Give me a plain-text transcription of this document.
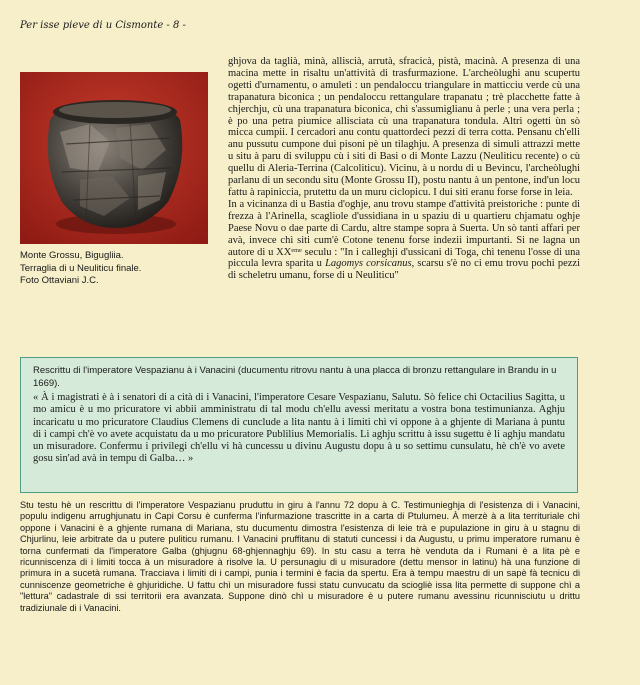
Per isse pieve di u Cismonte - 8 -
Monte Grossu, Bigugliia.
Terraglia di u Neuliticu finale.
Foto Ottaviani J.C.

ghjova da taglià, minà, alliscià, arrutà, sfracicà, pistà, macinà. A presenza di una macina mette in risaltu un'attività di trasfurmazione. L'archeòlughi anu scupertu ogetti d'urnamentu, o amuleti : un pendaloccu triangulare in matticciu verde cù una trapanatura biconica ; un pendaloccu rettangulare trapanatu ; trè placchette fatte à chjerchju, cù una trapanatura biconica, chì s'assumiglianu à perle ; una vera perla ; è po una petra piumice allisciata cù una trapanatura tondula. Altri ogetti ùn sò micca cumpii. I cercadori anu contu quattordeci pezzi di terra cotta. Pensanu ch'elli anu pussutu cumpone dui pisoni pè un tilaghju. A presenza di simuli attrazzi mette u situ à paru di sviluppu cù i siti di Basi o di Monte Lazzu (Neuliticu recente) o cù quellu di Aleria-Terrina (Calcoliticu). Vicinu, à u nordu di u Bevincu, l'archeòlughi parlanu di un secondu situ (Monte Grossu II), postu nantu à un pentone, ind'un locu fattu à rapiniccia, prutettu da un muru ciclopicu. I dui siti eranu forse forse in leia.

In a vicinanza di u Bastia d'oghje, anu trovu stampe d'attività preistoriche : punte di frezza à l'Arinella, scagliole d'ussidiana in u spaziu di u quartieru chjamatu oghje Paese Novu o dae parte di Cardu, altre stampe sopra à Suerta. Un sò tanti affari per avà, invece chì siti cum'è Cotone tenenu forse indezii impurtanti. Si ne lagna un autore di u XXᵉᵐᵉ seculu : "In i calleghji d'ussicani di Toga, chì tenenu l'osse di una piccula levra sparita u Lagomys corsicanus, scarsu s'è no ci emu trovu pochi pezzi di scheletru umanu, forse di u Neuliticu"

Rescrittu di l'imperatore Vespazianu à i Vanacini (ducumentu ritrovu nantu à una placca di bronzu rettangulare in Brandu in u 1669).
« À i magistrati è à i senatori di a cità di i Vanacini, l'imperatore Cesare Vespazianu, Salutu. Sò felice chì Octacilius Sagitta, u mo amicu è u mo pricuratore vi abbii amministratu di tal modu ch'ellu avessi meritatu a vostra bona testimunianza. Aghju incaricatu u mo pricuratore Claudius Clemens di cunclude a lita nantu à i limiti chì vi oppone à a ghjente di Mariana à puntu di i campi ch'è vo avete acquistatu da u mo pricuratore Publilius Memorialis. Li aghju scrittu à issu sugettu è li aghju mandatu un misuradore. Confermu i privilegi ch'ellu vi hà cuncessu u divinu Augustu dopu à u so settimu cunsulatu, hè ch'è vo avete gosu sin'ad avà in tempu di Galba… »

Stu testu hè un rescrittu di l'imperatore Vespazianu pruduttu in giru à l'annu 72 dopu à C. Testimunieghja di l'esistenza di i Vanacini, populu indigenu arrughjunatu in Capi Corsu è cunferma l'infurmazione trascritte in a carta di Ptulumeu. À merzè à a lita territuriale chì oppone i Vanacini è a ghjente rumana di Mariana, stu ducumentu dimostra l'esistenza di leie trà e pupulazione in giru à u stagnu di Chjurlinu, leie arbitrate da u putere puliticu rumanu. I Vanacini pruffitanu di statuti cuncessi i da Augustu, u primu imperatore rumanu è torna cunfermati da l'imperatore Galba (ghjugnu 68-ghjennaghju 69). In stu casu a terra hè venduta da i Rumani è a lita pè e ricunniscenza di i limiti tocca à un misuradore à risolve la. U persunagiu di u misuradore (dettu mensor in latinu) hà una funzione di primura in a sucetà rumana. Tracciava i limiti di i campi, punia i termini è facia da spertu. Era à tempu maestru di un sapè fà tecnicu di cunniscenze geometriche è ghjuridiche. U fattu chì un misuradore fussi statu cunvucatu da sciogliè issa lita permette di suppone chì a "lettura" cadastrale di ssi territorii era avanzata. Suppone dinò chì u misuradore è u putere rumanu avessinu ricunnisciutu u drittu tradiziunale di i Vanacini.
